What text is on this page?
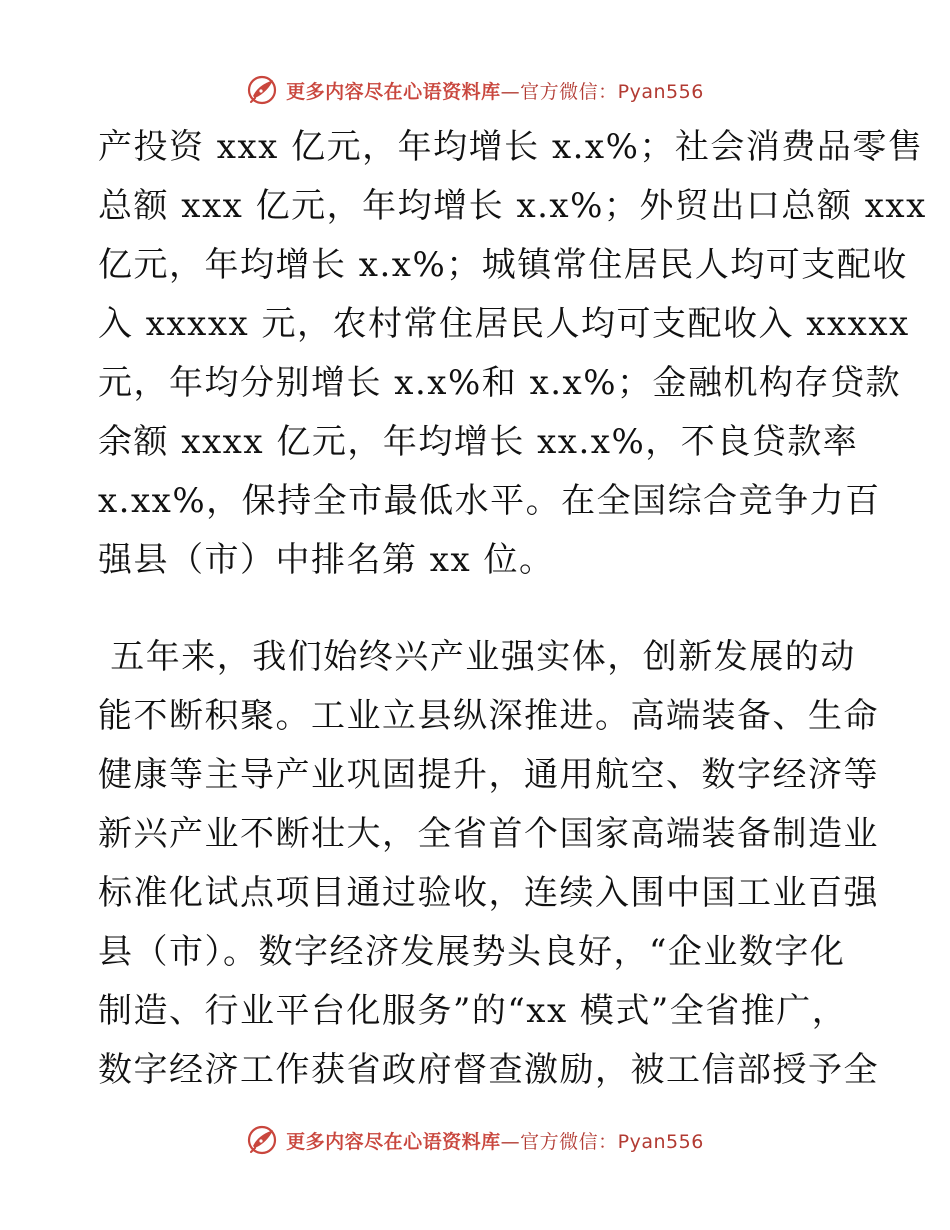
更多内容尽在心语资料库—官方微信：Pyan556
产投资 xxx 亿元，年均增长 x.x%；社会消费品零售
总额 xxx 亿元，年均增长 x.x%；外贸出口总额 xxx
亿元，年均增长 x.x%；城镇常住居民人均可支配收
入 xxxxx 元，农村常住居民人均可支配收入 xxxxx
元，年均分别增长 x.x%和 x.x%；金融机构存贷款
余额 xxxx 亿元，年均增长 xx.x%，不良贷款率
x.xx%，保持全市最低水平。在全国综合竞争力百
强县（市）中排名第 xx 位。
五年来，我们始终兴产业强实体，创新发展的动
能不断积聚。工业立县纵深推进。高端装备、生命
健康等主导产业巩固提升，通用航空、数字经济等
新兴产业不断壮大，全省首个国家高端装备制造业
标准化试点项目通过验收，连续入围中国工业百强
县（市）。数字经济发展势头良好，“企业数字化
制造、行业平台化服务”的“xx 模式”全省推广，
数字经济工作获省政府督查激励，被工信部授予全
更多内容尽在心语资料库—官方微信：Pyan556
